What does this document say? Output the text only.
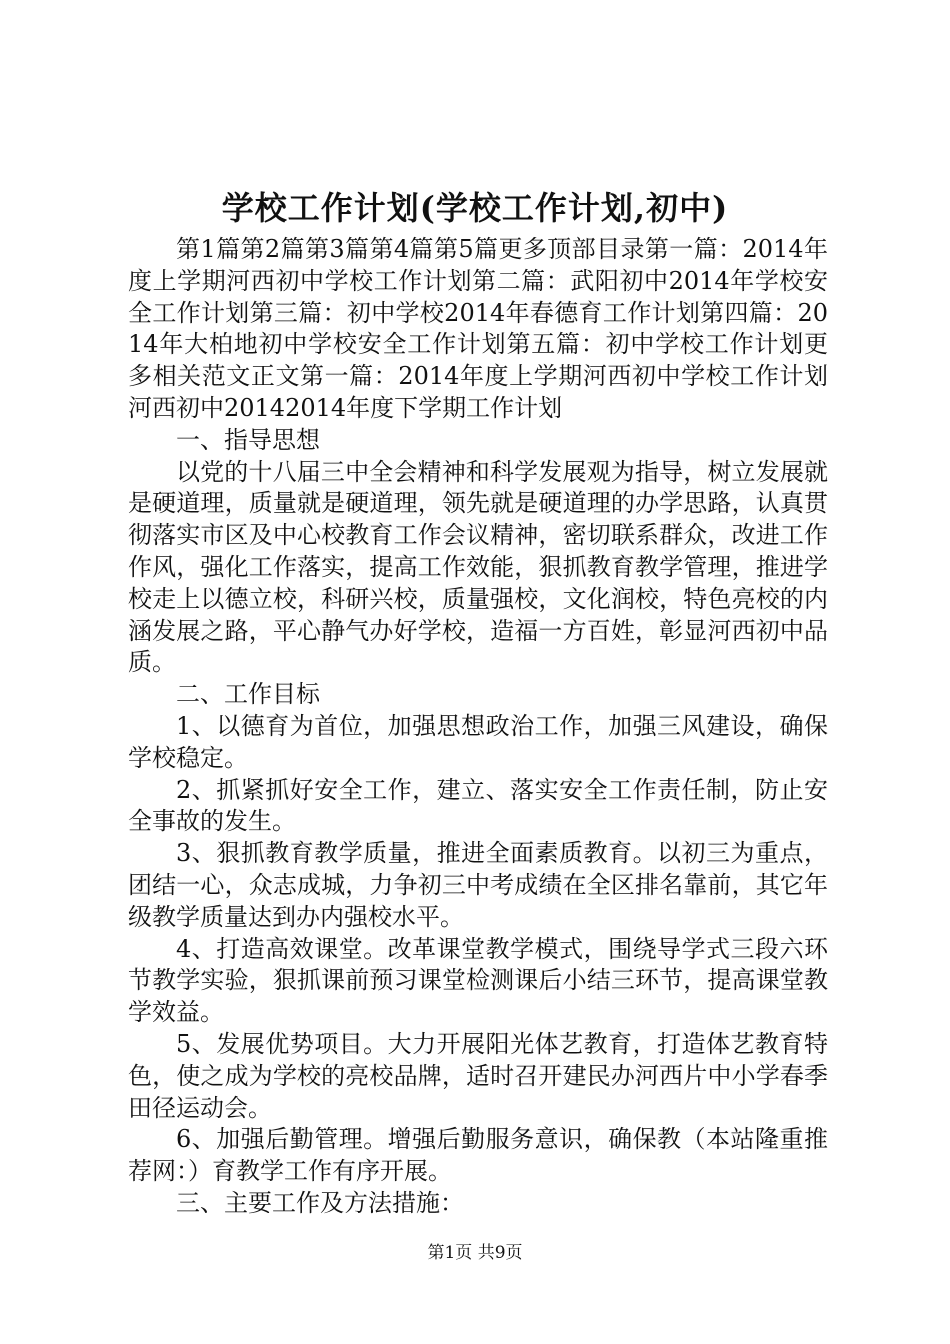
学校工作计划(学校工作计划,初中)

第1篇第2篇第3篇第4篇第5篇更多顶部目录第一篇：2014年度上学期河西初中学校工作计划第二篇：武阳初中2014年学校安全工作计划第三篇：初中学校2014年春德育工作计划第四篇：2014年大柏地初中学校安全工作计划第五篇：初中学校工作计划更多相关范文正文第一篇：2014年度上学期河西初中学校工作计划河西初中20142014年度下学期工作计划

一、指导思想

以党的十八届三中全会精神和科学发展观为指导，树立发展就是硬道理，质量就是硬道理，领先就是硬道理的办学思路，认真贯彻落实市区及中心校教育工作会议精神，密切联系群众，改进工作作风，强化工作落实，提高工作效能，狠抓教育教学管理，推进学校走上以德立校，科研兴校，质量强校，文化润校，特色亮校的内涵发展之路，平心静气办好学校，造福一方百姓，彰显河西初中品质。

二、工作目标

1、以德育为首位，加强思想政治工作，加强三风建设，确保学校稳定。

2、抓紧抓好安全工作，建立、落实安全工作责任制，防止安全事故的发生。

3、狠抓教育教学质量，推进全面素质教育。以初三为重点，团结一心，众志成城，力争初三中考成绩在全区排名靠前，其它年级教学质量达到办内强校水平。

4、打造高效课堂。改革课堂教学模式，围绕导学式三段六环节教学实验，狠抓课前预习课堂检测课后小结三环节，提高课堂教学效益。

5、发展优势项目。大力开展阳光体艺教育，打造体艺教育特色，使之成为学校的亮校品牌，适时召开建民办河西片中小学春季田径运动会。

6、加强后勤管理。增强后勤服务意识，确保教（本站隆重推荐网：）育教学工作有序开展。

三、主要工作及方法措施：

第1页 共9页
